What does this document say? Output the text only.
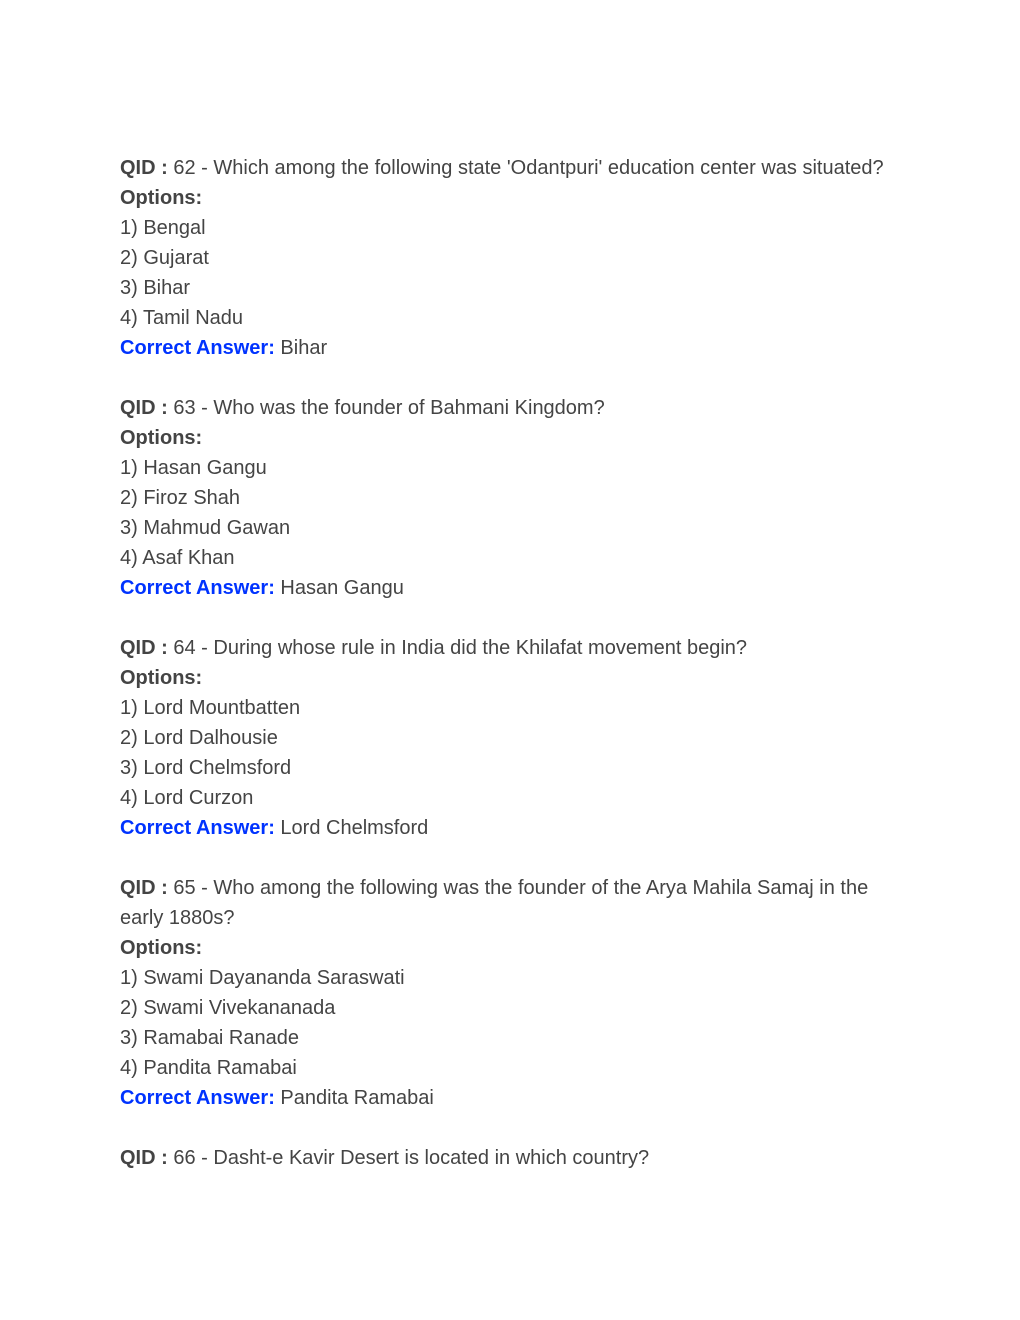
QID : 62 - Which among the following state 'Odantpuri' education center was situated?
Options:
1) Bengal
2) Gujarat
3) Bihar
4) Tamil Nadu
Correct Answer: Bihar
QID : 63 - Who was the founder of Bahmani Kingdom?
Options:
1) Hasan Gangu
2) Firoz Shah
3) Mahmud Gawan
4) Asaf Khan
Correct Answer: Hasan Gangu
QID : 64 - During whose rule in India did the Khilafat movement begin?
Options:
1) Lord Mountbatten
2) Lord Dalhousie
3) Lord Chelmsford
4) Lord Curzon
Correct Answer: Lord Chelmsford
QID : 65 - Who among the following was the founder of the Arya Mahila Samaj in the early 1880s?
Options:
1) Swami Dayananda Saraswati
2) Swami Vivekananada
3) Ramabai Ranade
4) Pandita Ramabai
Correct Answer: Pandita Ramabai
QID : 66 - Dasht-e Kavir Desert is located in which country?
